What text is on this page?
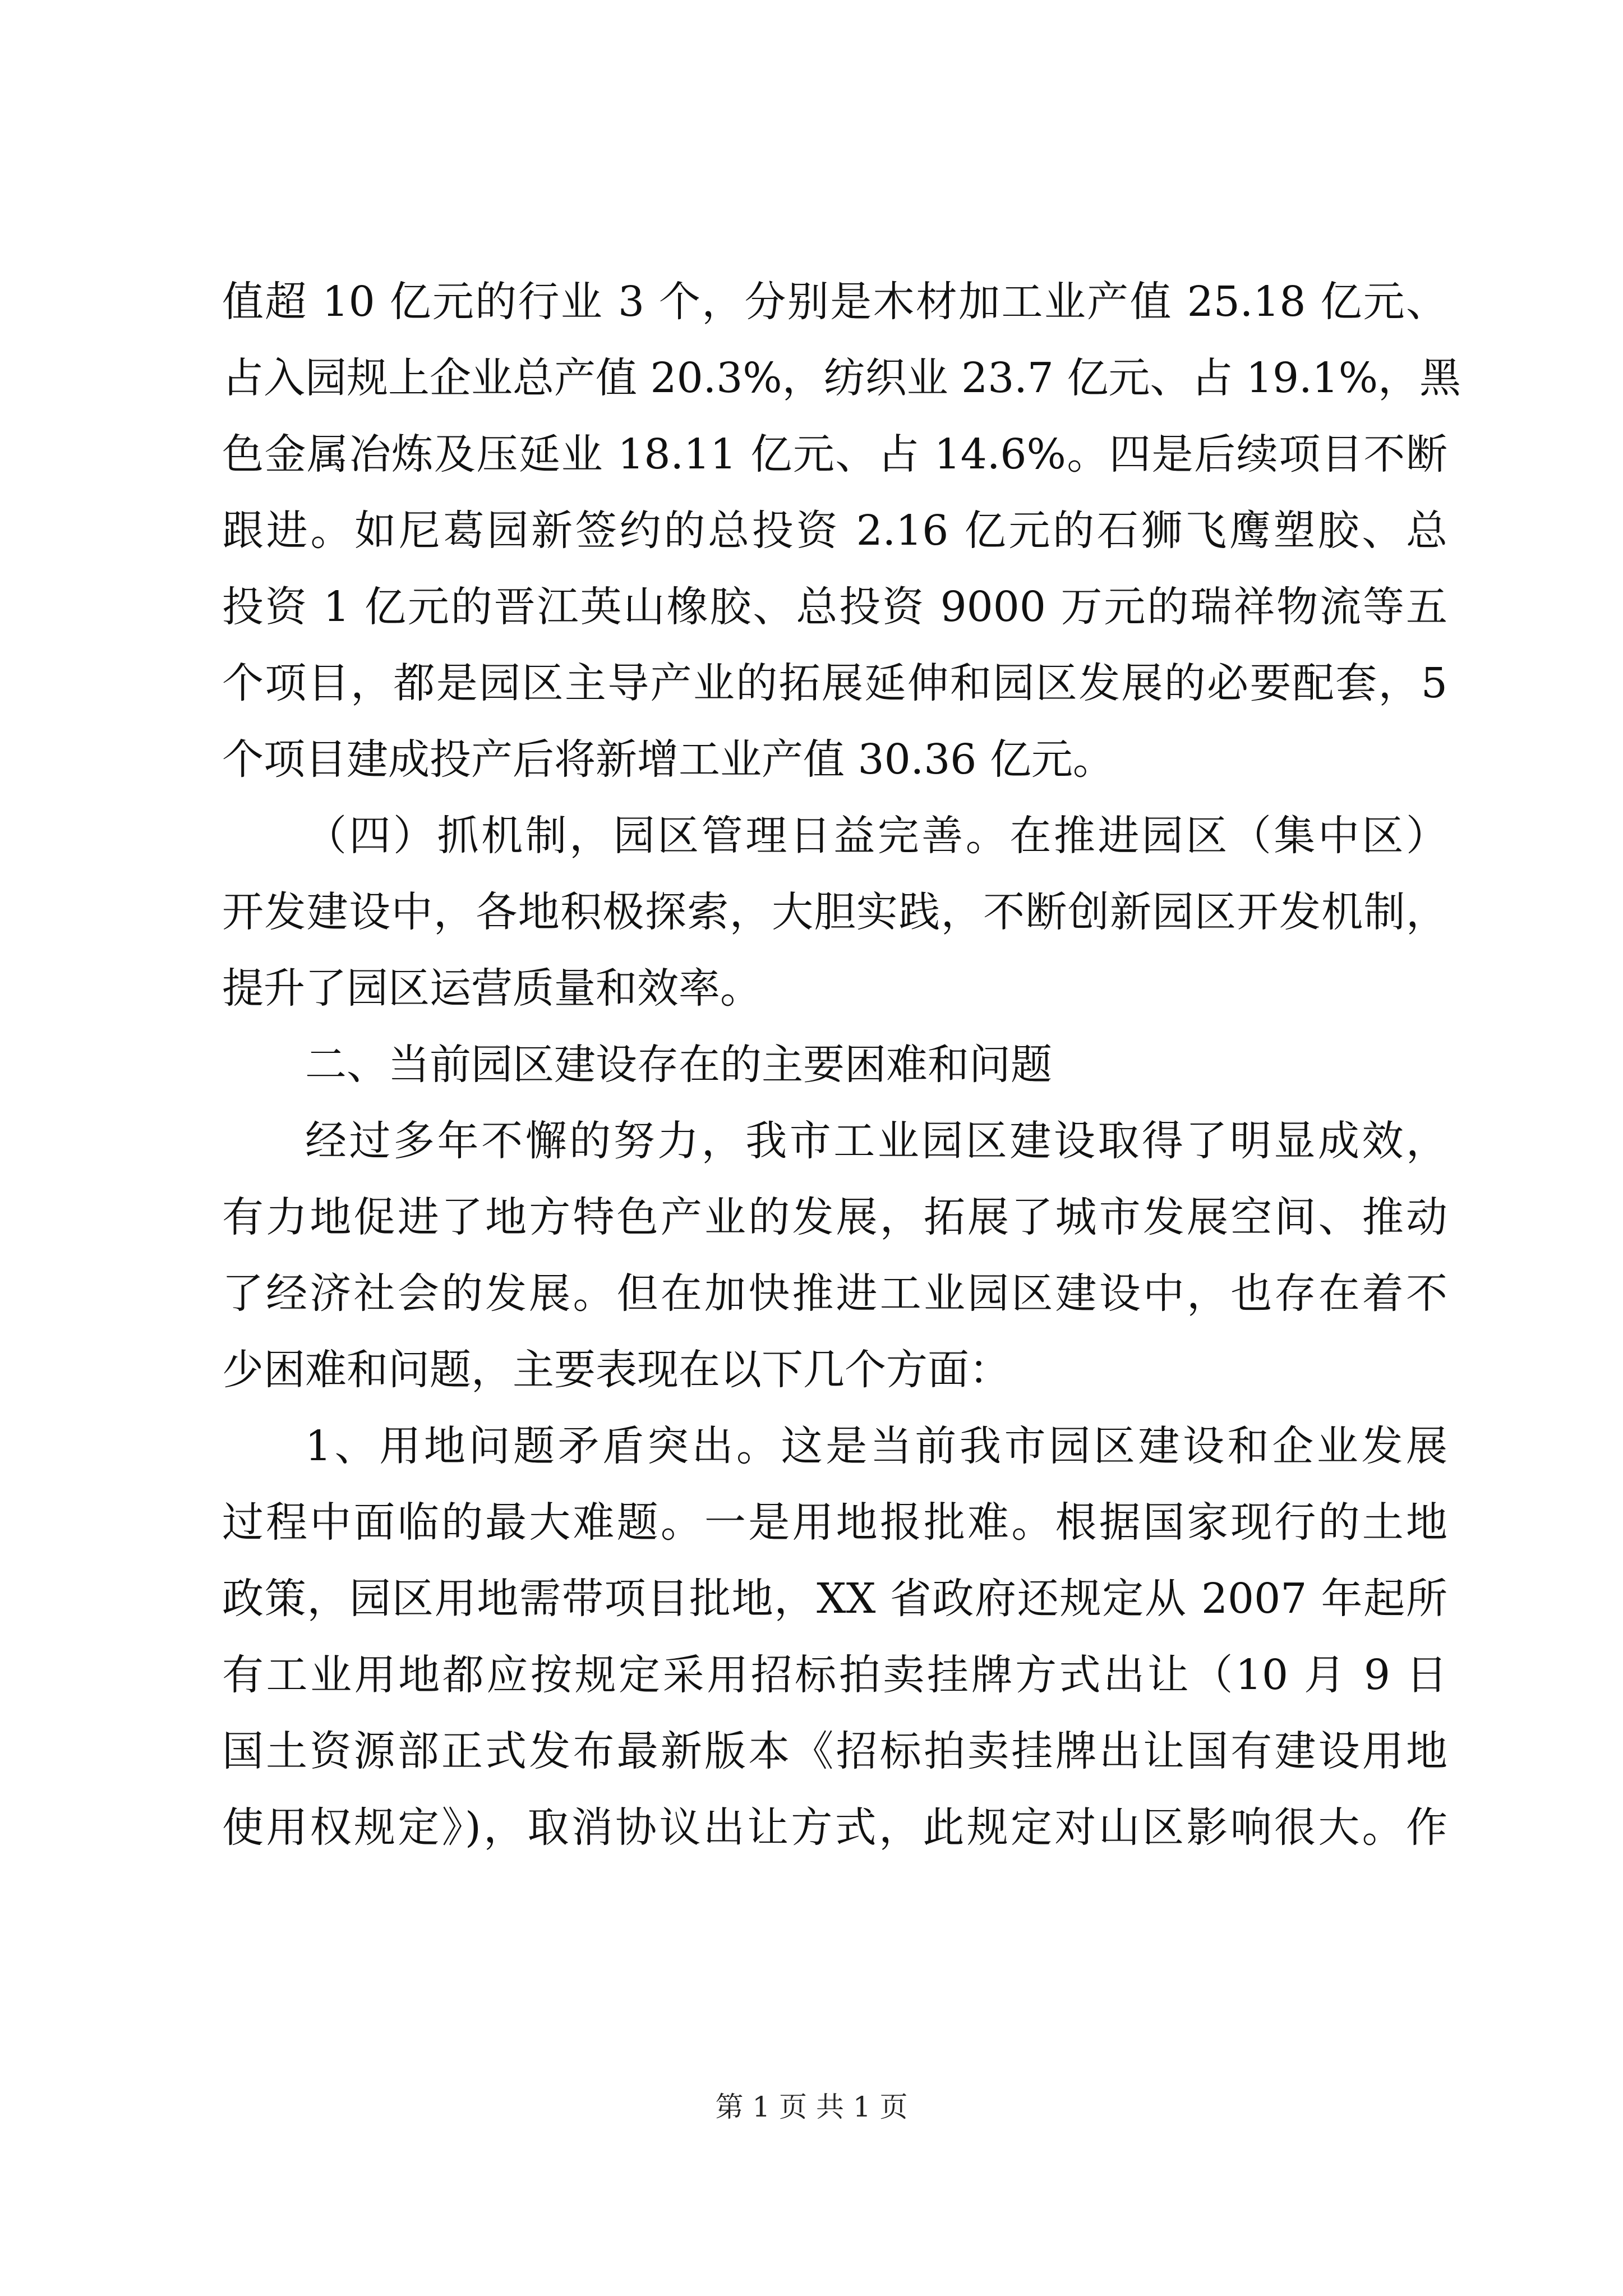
值超 10 亿元的行业 3 个，分别是木材加工业产值 25.18 亿元、
占入园规上企业总产值 20.3%，纺织业 23.7 亿元、占 19.1%，黑
色金属冶炼及压延业 18.11 亿元、占 14.6%。四是后续项目不断
跟进。如尼葛园新签约的总投资 2.16 亿元的石狮飞鹰塑胶、总
投资 1 亿元的晋江英山橡胶、总投资 9000 万元的瑞祥物流等五
个项目，都是园区主导产业的拓展延伸和园区发展的必要配套，5
个项目建成投产后将新增工业产值 30.36 亿元。
（四）抓机制，园区管理日益完善。在推进园区（集中区）
开发建设中，各地积极探索，大胆实践，不断创新园区开发机制，
提升了园区运营质量和效率。
二、当前园区建设存在的主要困难和问题
经过多年不懈的努力，我市工业园区建设取得了明显成效，
有力地促进了地方特色产业的发展，拓展了城市发展空间、推动
了经济社会的发展。但在加快推进工业园区建设中，也存在着不
少困难和问题，主要表现在以下几个方面：
1、用地问题矛盾突出。这是当前我市园区建设和企业发展
过程中面临的最大难题。一是用地报批难。根据国家现行的土地
政策，园区用地需带项目批地，XX 省政府还规定从 2007 年起所
有工业用地都应按规定采用招标拍卖挂牌方式出让（10 月 9 日
国土资源部正式发布最新版本《招标拍卖挂牌出让国有建设用地
使用权规定》)，取消协议出让方式，此规定对山区影响很大。作
第 1 页 共 1 页
